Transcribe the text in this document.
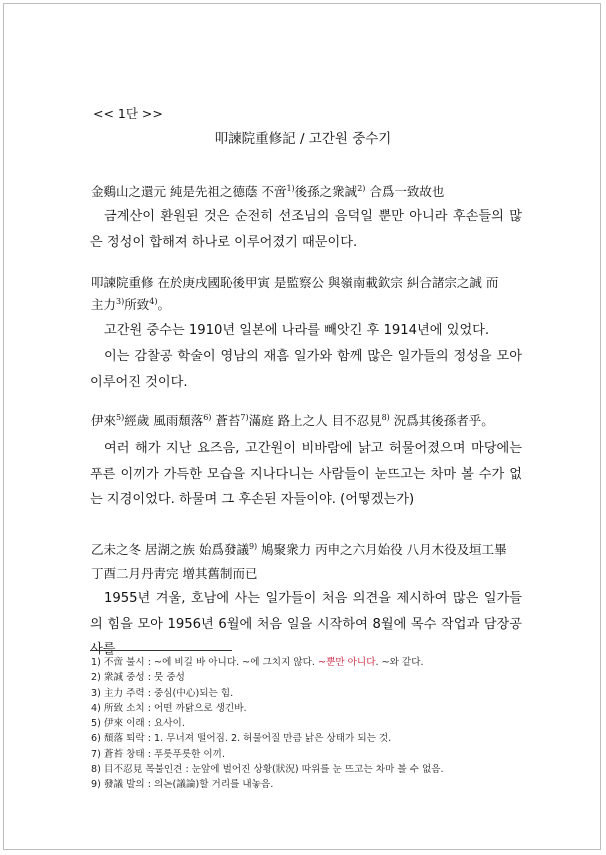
<< 1단 >>
叩諫院重修記 / 고간원 중수기
金鷄山之還元 純是先祖之德蔭 不啻$^{1)}$後孫之衆誠$^{2)}$ 合爲一致故也
금계산이 환원된 것은 순전히 선조님의 음덕일 뿐만 아니라 후손들의 많은 정성이 합해져 하나로 이루어졌기 때문이다.
叩諫院重修 在於庚戌國恥後甲寅 是監察公 與嶺南載欽宗 糾合諸宗之誠 而
主力$^{3)}$所致$^{4)}$。
고간원 중수는 1910년 일본에 나라를 빼앗긴 후 1914년에 있었다.
이는 감찰공 학술이 영남의 재흠 일가와 함께 많은 일가들의 정성을 모아 이루어진 것이다.
伊來$^{5)}$經歲 風雨頹落$^{6)}$ 蒼苔$^{7)}$滿庭 路上之人 目不忍見$^{8)}$ 況爲其後孫者乎。
여러 해가 지난 요즈음, 고간원이 비바람에 낡고 허물어졌으며 마당에는 푸른 이끼가 가득한 모습을 지나다니는 사람들이 눈뜨고는 차마 볼 수가 없는 지경이었다. 하물며 그 후손된 자들이야. (어떻겠는가)
乙未之冬 居湖之族 始爲發議$^{9)}$ 鳩聚衆力 丙申之六月始役 八月木役及垣工畢
丁酉二月丹靑完 增其舊制而已
1955년 겨울, 호남에 사는 일가들이 처음 의견을 제시하여 많은 일가들의 힘을 모아 1956년 6월에 처음 일을 시작하여 8월에 목수 작업과 담장공사를
1) 不啻 불시 : ~에 비길 바 아니다. ~에 그치지 않다. ~뿐만 아니다. ~와 같다.
2) 衆誠 중성 : 뭇 중성
3) 主力 주력 : 중심(中心)되는 힘.
4) 所致 소치 : 어떤 까닭으로 생긴바.
5) 伊來 이래 : 요사이.
6) 頹落 퇴락 : 1. 무너져 떨어짐. 2. 허물어질 만큼 낡은 상태가 되는 것.
7) 蒼苔 창태 : 푸릇푸릇한 이끼.
8) 目不忍見 목불인견 : 눈앞에 벌어진 상황(狀況) 따위를 눈 뜨고는 차마 볼 수 없음.
9) 發議 발의 : 의논(議論)할 거리를 내놓음.
